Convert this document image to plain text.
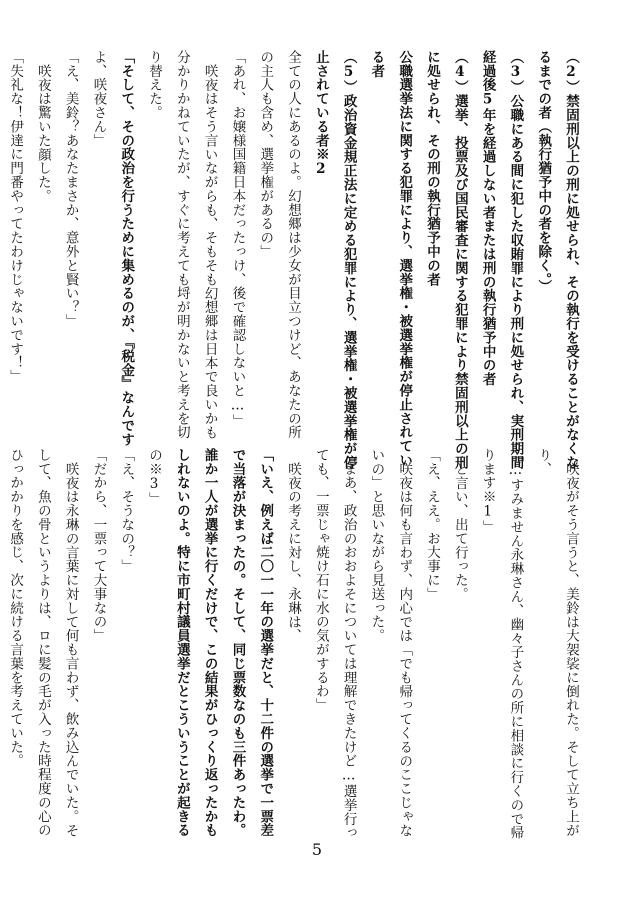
（2）禁固刑以上の刑に処せられ、その執行を受けることがなくな
るまでの者（執行猶予中の者を除く。）
（3）公職にある間に犯した収賄罪により刑に処せられ、実刑期間
経過後5年を経過しない者または刑の執行猶予中の者
（4）選挙、投票及び国民審査に関する犯罪により禁固刑以上の刑
に処せられ、その刑の執行猶予中の者
公職選挙法に関する犯罪により、選挙権・被選挙権が停止されてい
る者
（5）政治資金規正法に定める犯罪により、選挙権・被選挙権が停
止されている者※2
全ての人にあるのよ。幻想郷は少女が目立つけど、あなたの所
の主人も含め、選挙権があるの」
「あれ、お嬢様国籍日本だったっけ、後で確認しないと…」
咲夜はそう言いながらも、そもそも幻想郷は日本で良いかも
分かりかねていたが、すぐに考えても埒が明かないと考えを切
り替えた。
「そして、その政治を行うために集めるのが、『税金』なんです
よ、咲夜さん」
「え、美鈴？あなたまさか、意外と賢い？」
咲夜は驚いた顔した。
「失礼な！伊達に門番やってたわけじゃないです！」
咲夜がそう言うと、美鈴は大袈裟に倒れた。そして立ち上が
り、
「…すみません永琳さん、幽々子さんの所に相談に行くので帰
ります※1」
と言い、出て行った。
「え、ええ。お大事に」
咲夜は何も言わず、内心では「でも帰ってくるのここじゃな
いの」と思いながら見送った。
「まあ、政治のおおよそについては理解できたけど…選挙行っ
ても、一票じゃ焼け石に水の気がするわ」
咲夜の考えに対し、永琳は、
「いえ、例えば二〇一一年の選挙だと、十二件の選挙で一票差
で当落が決まったの。そして、同じ票数なのも三件あったわ。
誰か一人が選挙に行くだけで、この結果がひっくり返ったかも
しれないのよ。特に市町村議員選挙だとこういうことが起きる
の※3」
「え、そうなの？」
「だから、一票って大事なの」
咲夜は永琳の言葉に対して何も言わず、飲み込んでいた。そ
して、魚の骨というよりは、ロに髪の毛が入った時程度の心の
ひっかかりを感じ、次に続ける言葉を考えていた。
5
